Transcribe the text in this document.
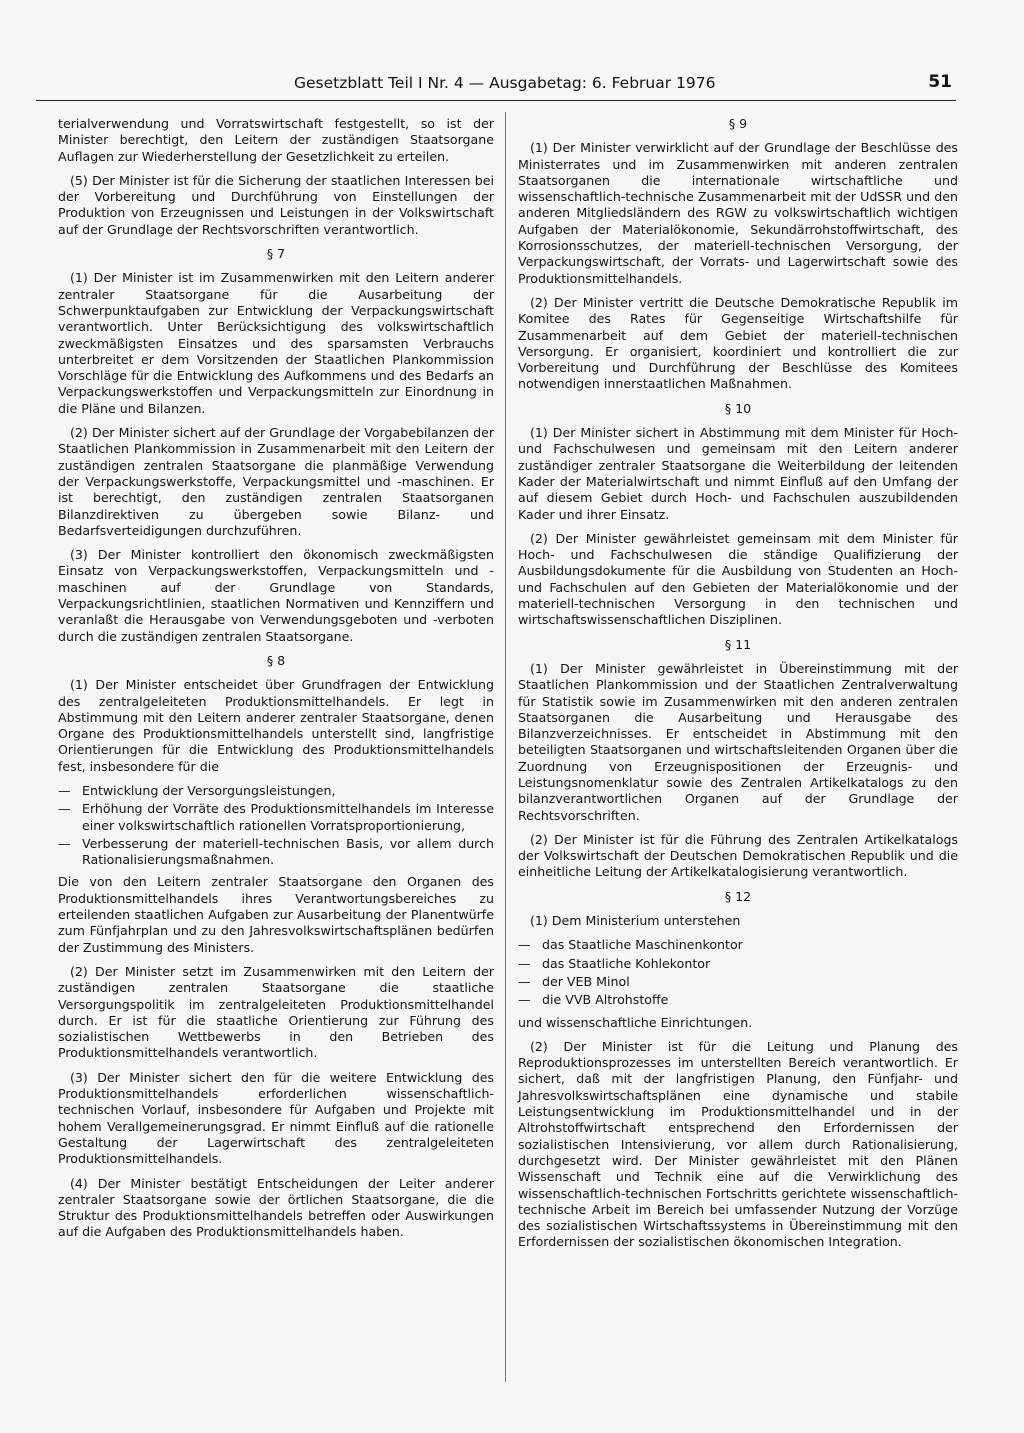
Gesetzblatt Teil I Nr. 4 — Ausgabetag: 6. Februar 1976	51

terialverwendung und Vorratswirtschaft festgestellt, so ist der Minister berechtigt, den Leitern der zuständigen Staatsorgane Auflagen zur Wiederherstellung der Gesetzlichkeit zu erteilen.

(5) Der Minister ist für die Sicherung der staatlichen Interessen bei der Vorbereitung und Durchführung von Einstellungen der Produktion von Erzeugnissen und Leistungen in der Volkswirtschaft auf der Grundlage der Rechtsvorschriften verantwortlich.

§ 7

(1) Der Minister ist im Zusammenwirken mit den Leitern anderer zentraler Staatsorgane für die Ausarbeitung der Schwerpunktaufgaben zur Entwicklung der Verpackungswirtschaft verantwortlich. Unter Berücksichtigung des volkswirtschaftlich zweckmäßigsten Einsatzes und des sparsamsten Verbrauchs unterbreitet er dem Vorsitzenden der Staatlichen Plankommission Vorschläge für die Entwicklung des Aufkommens und des Bedarfs an Verpackungswerkstoffen und Verpackungsmitteln zur Einordnung in die Pläne und Bilanzen.

(2) Der Minister sichert auf der Grundlage der Vorgabebilanzen der Staatlichen Plankommission in Zusammenarbeit mit den Leitern der zuständigen zentralen Staatsorgane die planmäßige Verwendung der Verpackungswerkstoffe, Verpackungsmittel und -maschinen. Er ist berechtigt, den zuständigen zentralen Staatsorganen Bilanzdirektiven zu übergeben sowie Bilanz- und Bedarfsverteidigungen durchzuführen.

(3) Der Minister kontrolliert den ökonomisch zweckmäßigsten Einsatz von Verpackungswerkstoffen, Verpackungsmitteln und -maschinen auf der Grundlage von Standards, Verpackungsrichtlinien, staatlichen Normativen und Kennziffern und veranlaßt die Herausgabe von Verwendungsgeboten und -verboten durch die zuständigen zentralen Staatsorgane.

§ 8

(1) Der Minister entscheidet über Grundfragen der Entwicklung des zentralgeleiteten Produktionsmittelhandels. Er legt in Abstimmung mit den Leitern anderer zentraler Staatsorgane, denen Organe des Produktionsmittelhandels unterstellt sind, langfristige Orientierungen für die Entwicklung des Produktionsmittelhandels fest, insbesondere für die

— Entwicklung der Versorgungsleistungen,
— Erhöhung der Vorräte des Produktionsmittelhandels im Interesse einer volkswirtschaftlich rationellen Vorratsproportionierung,
— Verbesserung der materiell-technischen Basis, vor allem durch Rationalisierungsmaßnahmen.

Die von den Leitern zentraler Staatsorgane den Organen des Produktionsmittelhandels ihres Verantwortungsbereiches zu erteilenden staatlichen Aufgaben zur Ausarbeitung der Planentwürfe zum Fünfjahrplan und zu den Jahresvolkswirtschaftsplänen bedürfen der Zustimmung des Ministers.

(2) Der Minister setzt im Zusammenwirken mit den Leitern der zuständigen zentralen Staatsorgane die staatliche Versorgungspolitik im zentralgeleiteten Produktionsmittelhandel durch. Er ist für die staatliche Orientierung zur Führung des sozialistischen Wettbewerbs in den Betrieben des Produktionsmittelhandels verantwortlich.

(3) Der Minister sichert den für die weitere Entwicklung des Produktionsmittelhandels erforderlichen wissenschaftlich-technischen Vorlauf, insbesondere für Aufgaben und Projekte mit hohem Verallgemeinerungsgrad. Er nimmt Einfluß auf die rationelle Gestaltung der Lagerwirtschaft des zentralgeleiteten Produktionsmittelhandels.

(4) Der Minister bestätigt Entscheidungen der Leiter anderer zentraler Staatsorgane sowie der örtlichen Staatsorgane, die die Struktur des Produktionsmittelhandels betreffen oder Auswirkungen auf die Aufgaben des Produktionsmittelhandels haben.

§ 9

(1) Der Minister verwirklicht auf der Grundlage der Beschlüsse des Ministerrates und im Zusammenwirken mit anderen zentralen Staatsorganen die internationale wirtschaftliche und wissenschaftlich-technische Zusammenarbeit mit der UdSSR und den anderen Mitgliedsländern des RGW zu volkswirtschaftlich wichtigen Aufgaben der Materialökonomie, Sekundärrohstoffwirtschaft, des Korrosionsschutzes, der materiell-technischen Versorgung, der Verpackungswirtschaft, der Vorrats- und Lagerwirtschaft sowie des Produktionsmittelhandels.

(2) Der Minister vertritt die Deutsche Demokratische Republik im Komitee des Rates für Gegenseitige Wirtschaftshilfe für Zusammenarbeit auf dem Gebiet der materiell-technischen Versorgung. Er organisiert, koordiniert und kontrolliert die zur Vorbereitung und Durchführung der Beschlüsse des Komitees notwendigen innerstaatlichen Maßnahmen.

§ 10

(1) Der Minister sichert in Abstimmung mit dem Minister für Hoch- und Fachschulwesen und gemeinsam mit den Leitern anderer zuständiger zentraler Staatsorgane die Weiterbildung der leitenden Kader der Materialwirtschaft und nimmt Einfluß auf den Umfang der auf diesem Gebiet durch Hoch- und Fachschulen auszubildenden Kader und ihrer Einsatz.

(2) Der Minister gewährleistet gemeinsam mit dem Minister für Hoch- und Fachschulwesen die ständige Qualifizierung der Ausbildungsdokumente für die Ausbildung von Studenten an Hoch- und Fachschulen auf den Gebieten der Materialökonomie und der materiell-technischen Versorgung in den technischen und wirtschaftswissenschaftlichen Disziplinen.

§ 11

(1) Der Minister gewährleistet in Übereinstimmung mit der Staatlichen Plankommission und der Staatlichen Zentralverwaltung für Statistik sowie im Zusammenwirken mit den anderen zentralen Staatsorganen die Ausarbeitung und Herausgabe des Bilanzverzeichnisses. Er entscheidet in Abstimmung mit den beteiligten Staatsorganen und wirtschaftsleitenden Organen über die Zuordnung von Erzeugnispositionen der Erzeugnis- und Leistungsnomenklatur sowie des Zentralen Artikelkatalogs zu den bilanzverantwortlichen Organen auf der Grundlage der Rechtsvorschriften.

(2) Der Minister ist für die Führung des Zentralen Artikelkatalogs der Volkswirtschaft der Deutschen Demokratischen Republik und die einheitliche Leitung der Artikelkatalogisierung verantwortlich.

§ 12

(1) Dem Ministerium unterstehen

— das Staatliche Maschinenkontor
— das Staatliche Kohlekontor
— der VEB Minol
— die VVB Altrohstoffe

und wissenschaftliche Einrichtungen.

(2) Der Minister ist für die Leitung und Planung des Reproduktionsprozesses im unterstellten Bereich verantwortlich. Er sichert, daß mit der langfristigen Planung, den Fünfjahr- und Jahresvolkswirtschaftsplänen eine dynamische und stabile Leistungsentwicklung im Produktionsmittelhandel und in der Altrohstoffwirtschaft entsprechend den Erfordernissen der sozialistischen Intensivierung, vor allem durch Rationalisierung, durchgesetzt wird. Der Minister gewährleistet mit den Plänen Wissenschaft und Technik eine auf die Verwirklichung des wissenschaftlich-technischen Fortschritts gerichtete wissenschaftlich-technische Arbeit im Bereich bei umfassender Nutzung der Vorzüge des sozialistischen Wirtschaftssystems in Übereinstimmung mit den Erfordernissen der sozialistischen ökonomischen Integration.
